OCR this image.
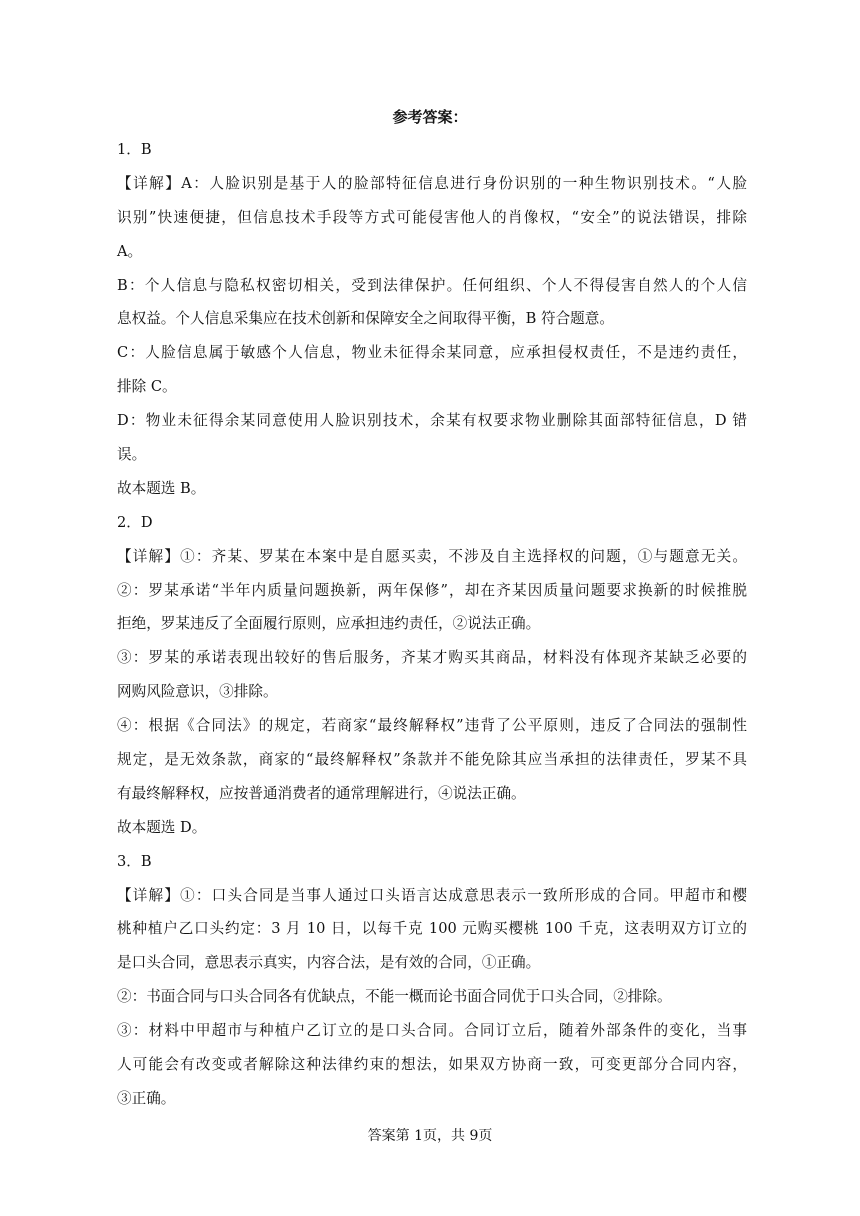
参考答案：
1．B
【详解】A：人脸识别是基于人的脸部特征信息进行身份识别的一种生物识别技术。“人脸
识别”快速便捷，但信息技术手段等方式可能侵害他人的肖像权，“安全”的说法错误，排除
A。
B：个人信息与隐私权密切相关，受到法律保护。任何组织、个人不得侵害自然人的个人信
息权益。个人信息采集应在技术创新和保障安全之间取得平衡，B 符合题意。
C：人脸信息属于敏感个人信息，物业未征得余某同意，应承担侵权责任，不是违约责任，
排除 C。
D：物业未征得余某同意使用人脸识别技术，余某有权要求物业删除其面部特征信息，D 错
误。
故本题选 B。
2．D
【详解】①：齐某、罗某在本案中是自愿买卖，不涉及自主选择权的问题，①与题意无关。
②：罗某承诺“半年内质量问题换新，两年保修”，却在齐某因质量问题要求换新的时候推脱
拒绝，罗某违反了全面履行原则，应承担违约责任，②说法正确。
③：罗某的承诺表现出较好的售后服务，齐某才购买其商品，材料没有体现齐某缺乏必要的
网购风险意识，③排除。
④：根据《合同法》的规定，若商家“最终解释权”违背了公平原则，违反了合同法的强制性
规定，是无效条款，商家的“最终解释权”条款并不能免除其应当承担的法律责任，罗某不具
有最终解释权，应按普通消费者的通常理解进行，④说法正确。
故本题选 D。
3．B
【详解】①：口头合同是当事人通过口头语言达成意思表示一致所形成的合同。甲超市和樱
桃种植户乙口头约定：3 月 10 日，以每千克 100 元购买樱桃 100 千克，这表明双方订立的
是口头合同，意思表示真实，内容合法，是有效的合同，①正确。
②：书面合同与口头合同各有优缺点，不能一概而论书面合同优于口头合同，②排除。
③：材料中甲超市与种植户乙订立的是口头合同。合同订立后，随着外部条件的变化，当事
人可能会有改变或者解除这种法律约束的想法，如果双方协商一致，可变更部分合同内容，
③正确。
答案第 1页，共 9页
